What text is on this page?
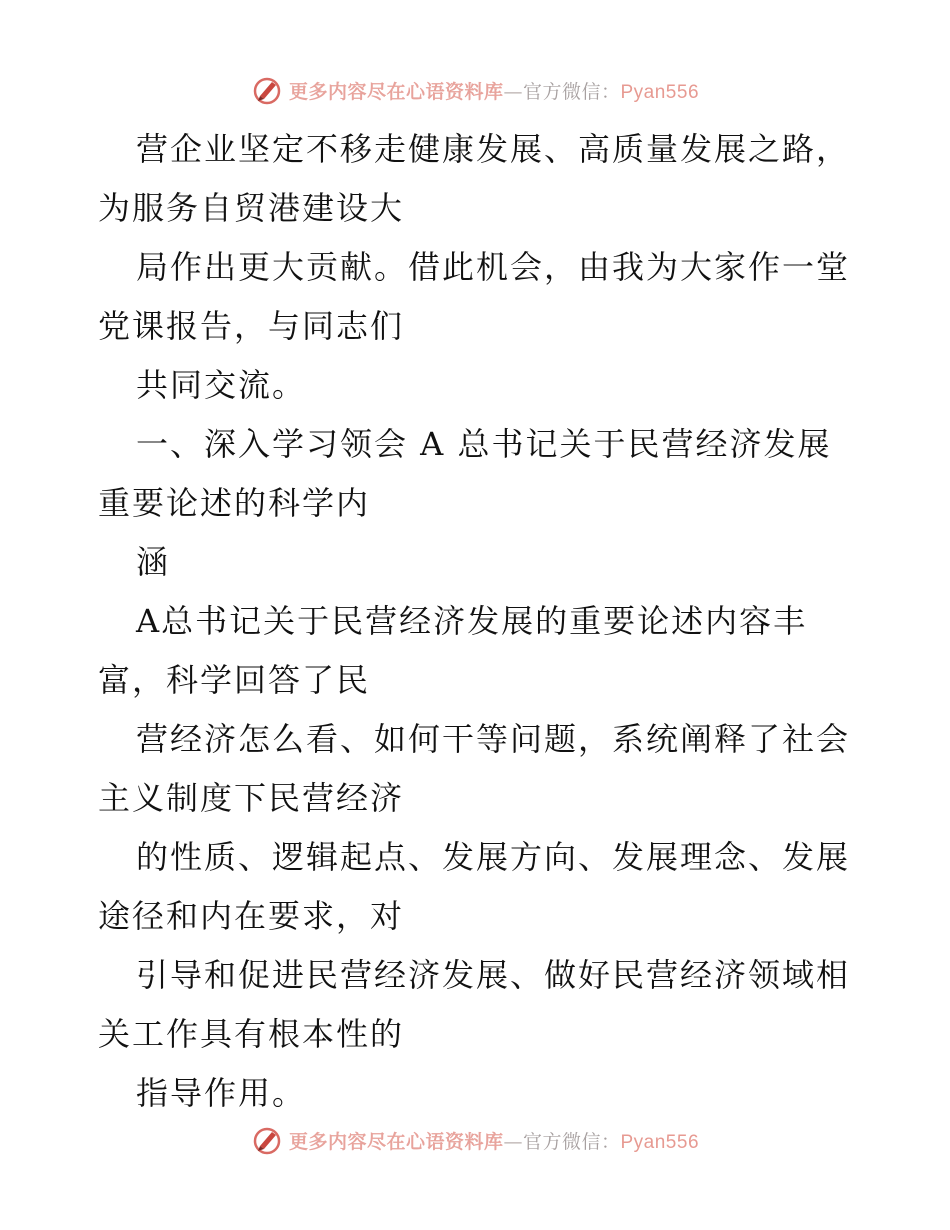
更多内容尽在心语资料库—官方微信：Pyan556
营企业坚定不移走健康发展、高质量发展之路，
为服务自贸港建设大
局作出更大贡献。借此机会，由我为大家作一堂
党课报告，与同志们
共同交流。
一、深入学习领会 A 总书记关于民营经济发展
重要论述的科学内
涵
A总书记关于民营经济发展的重要论述内容丰
富，科学回答了民
营经济怎么看、如何干等问题，系统阐释了社会
主义制度下民营经济
的性质、逻辑起点、发展方向、发展理念、发展
途径和内在要求，对
引导和促进民营经济发展、做好民营经济领域相
关工作具有根本性的
指导作用。
更多内容尽在心语资料库—官方微信：Pyan556
